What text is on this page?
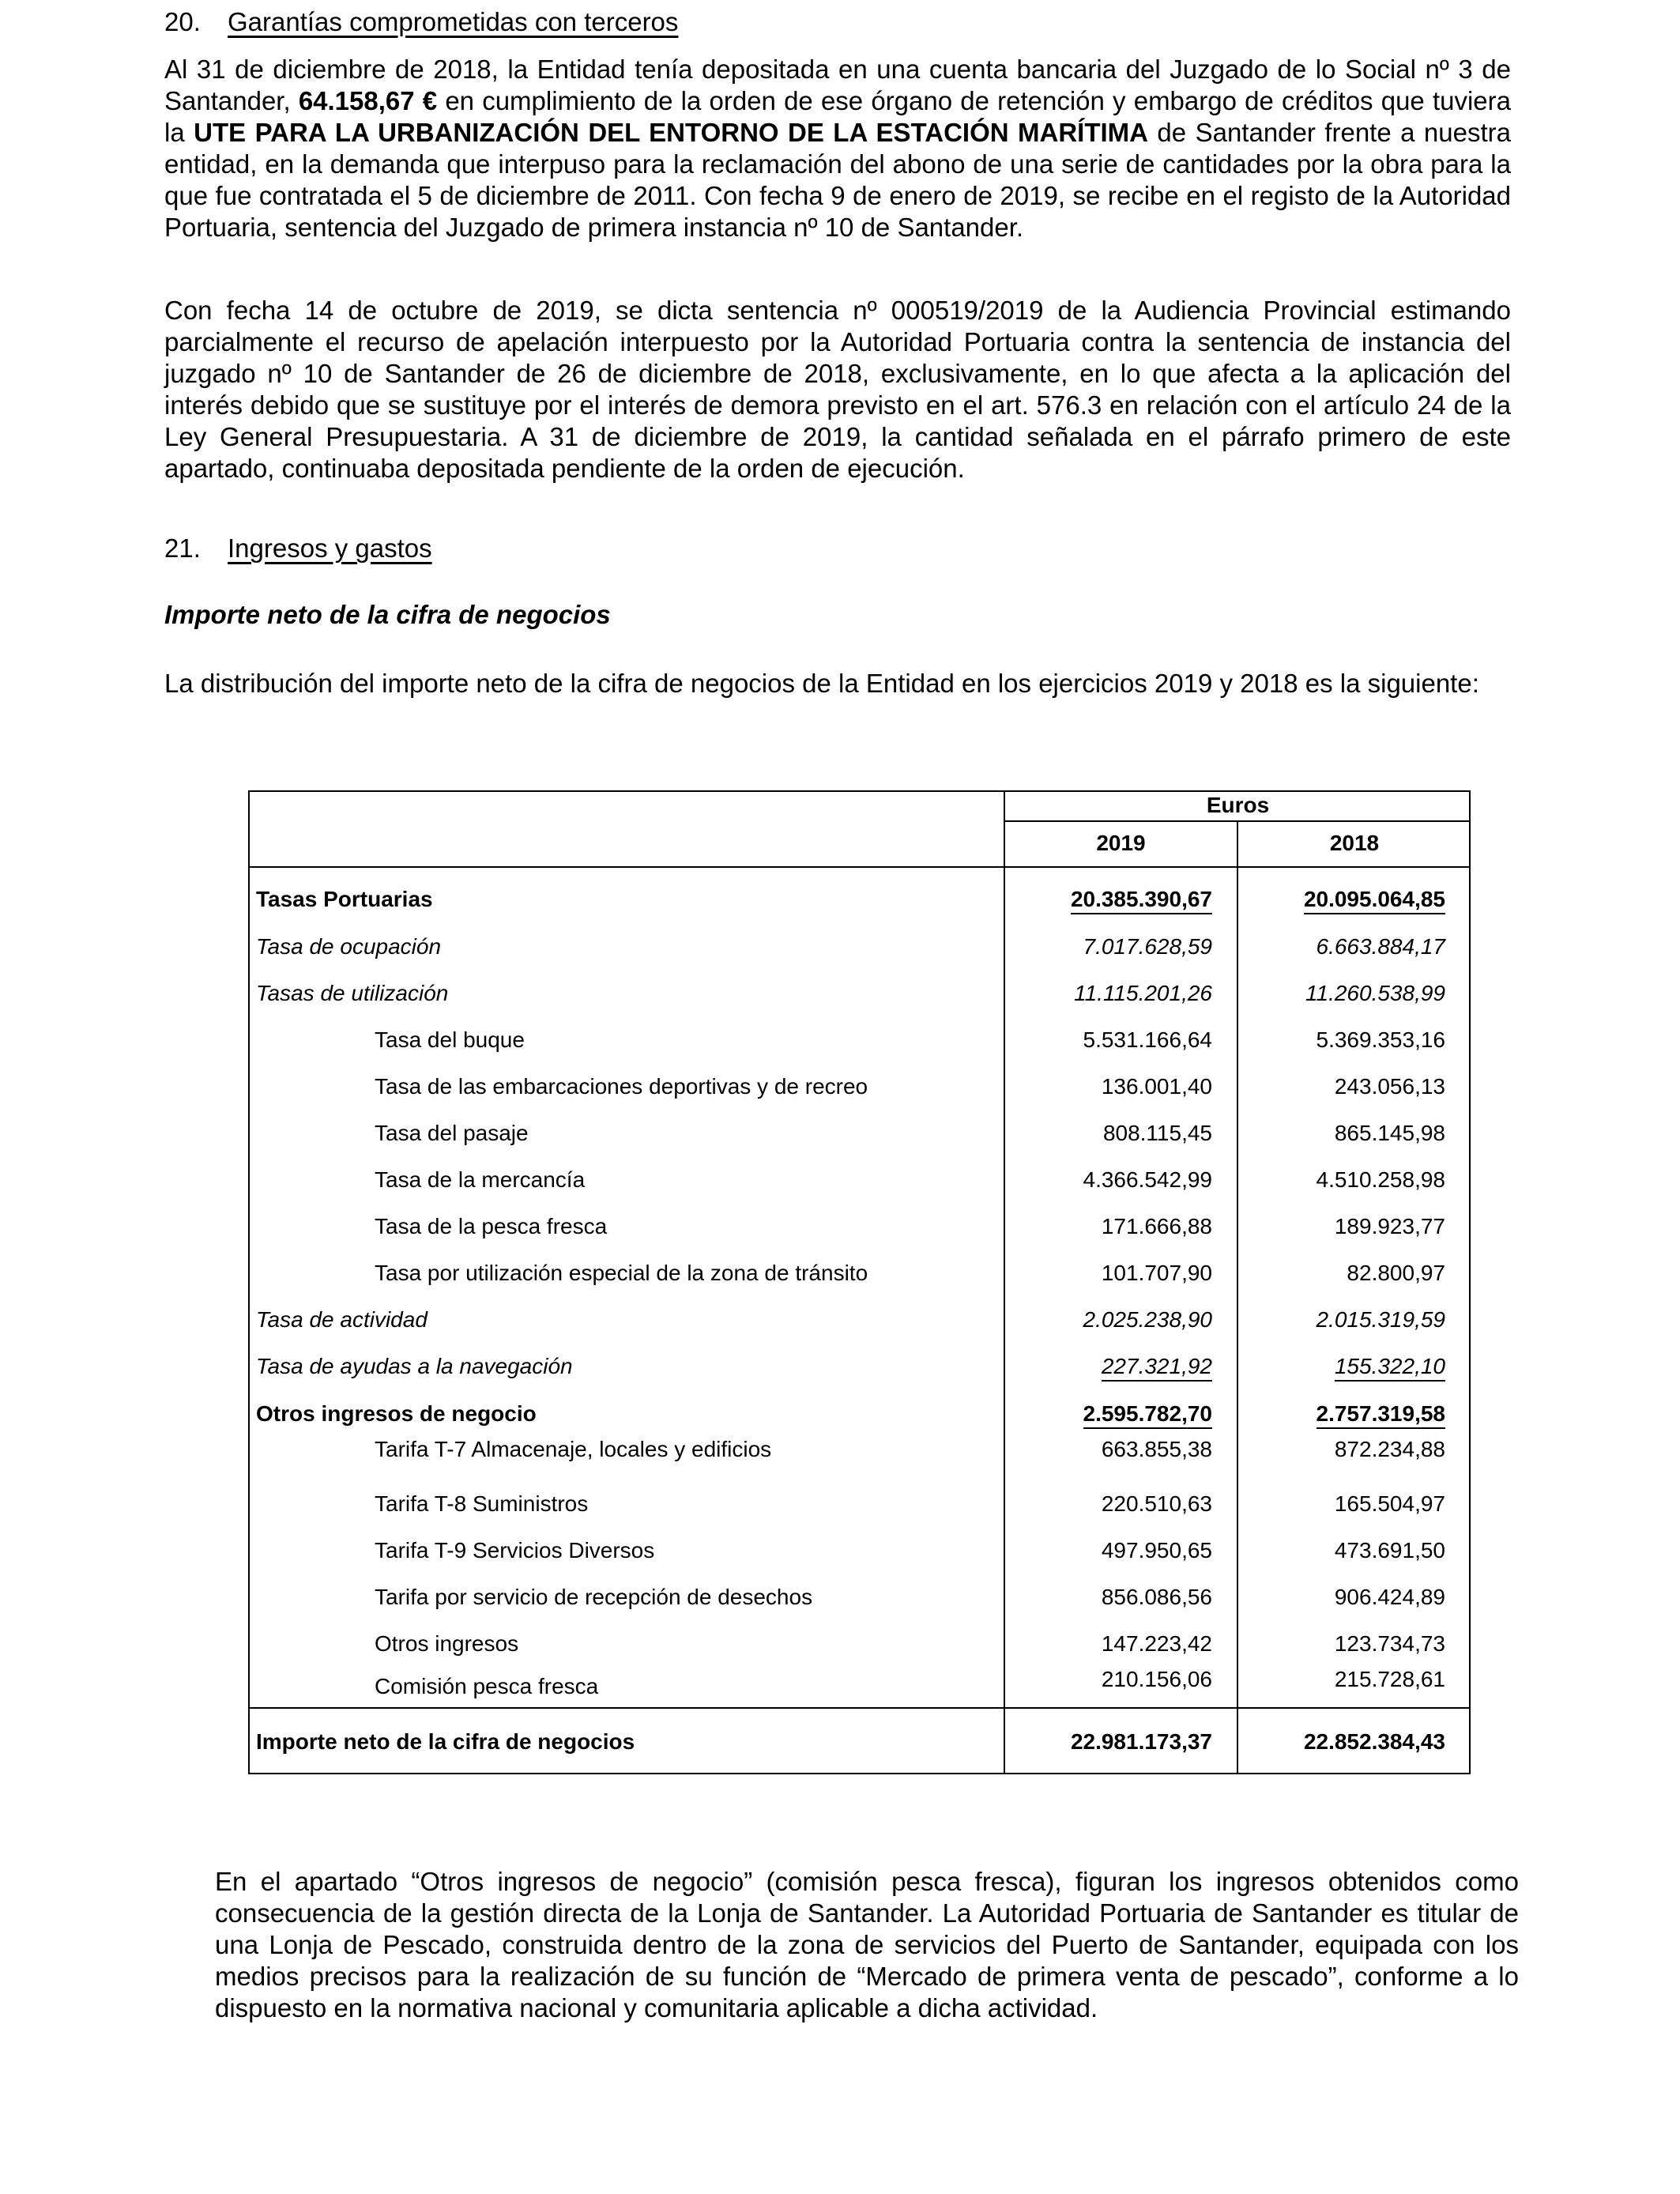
20. Garantías comprometidas con terceros

Al 31 de diciembre de 2018, la Entidad tenía depositada en una cuenta bancaria del Juzgado de lo Social nº 3 de Santander, 64.158,67 € en cumplimiento de la orden de ese órgano de retención y embargo de créditos que tuviera la UTE PARA LA URBANIZACIÓN DEL ENTORNO DE LA ESTACIÓN MARÍTIMA de Santander frente a nuestra entidad, en la demanda que interpuso para la reclamación del abono de una serie de cantidades por la obra para la que fue contratada el 5 de diciembre de 2011. Con fecha 9 de enero de 2019, se recibe en el registo de la Autoridad Portuaria, sentencia del Juzgado de primera instancia nº 10 de Santander.

Con fecha 14 de octubre de 2019, se dicta sentencia nº 000519/2019 de la Audiencia Provincial estimando parcialmente el recurso de apelación interpuesto por la Autoridad Portuaria contra la sentencia de instancia del juzgado nº 10 de Santander de 26 de diciembre de 2018, exclusivamente, en lo que afecta a la aplicación del interés debido que se sustituye por el interés de demora previsto en el art. 576.3 en relación con el artículo 24 de la Ley General Presupuestaria. A 31 de diciembre de 2019, la cantidad señalada en el párrafo primero de este apartado, continuaba depositada pendiente de la orden de ejecución.

21. Ingresos y gastos
Importe neto de la cifra de negocios

La distribución del importe neto de la cifra de negocios de la Entidad en los ejercicios 2019 y 2018 es la siguiente:

Euros
2019	2018
Tasas Portuarias	20.385.390,67	20.095.064,85
Tasa de ocupación	7.017.628,59	6.663.884,17
Tasas de utilización	11.115.201,26	11.260.538,99
Tasa del buque	5.531.166,64	5.369.353,16
Tasa de las embarcaciones deportivas y de recreo	136.001,40	243.056,13
Tasa del pasaje	808.115,45	865.145,98
Tasa de la mercancía	4.366.542,99	4.510.258,98
Tasa de la pesca fresca	171.666,88	189.923,77
Tasa por utilización especial de la zona de tránsito	101.707,90	82.800,97
Tasa de actividad	2.025.238,90	2.015.319,59
Tasa de ayudas a la navegación	227.321,92	155.322,10
Otros ingresos de negocio	2.595.782,70	2.757.319,58
Tarifa T-7 Almacenaje, locales y edificios	663.855,38	872.234,88
Tarifa T-8 Suministros	220.510,63	165.504,97
Tarifa T-9 Servicios Diversos	497.950,65	473.691,50
Tarifa por servicio de recepción de desechos	856.086,56	906.424,89
Otros ingresos	147.223,42	123.734,73
Comisión pesca fresca	210.156,06	215.728,61
Importe neto de la cifra de negocios	22.981.173,37	22.852.384,43

En el apartado “Otros ingresos de negocio” (comisión pesca fresca), figuran los ingresos obtenidos como consecuencia de la gestión directa de la Lonja de Santander. La Autoridad Portuaria de Santander es titular de una Lonja de Pescado, construida dentro de la zona de servicios del Puerto de Santander, equipada con los medios precisos para la realización de su función de “Mercado de primera venta de pescado”, conforme a lo dispuesto en la normativa nacional y comunitaria aplicable a dicha actividad.
